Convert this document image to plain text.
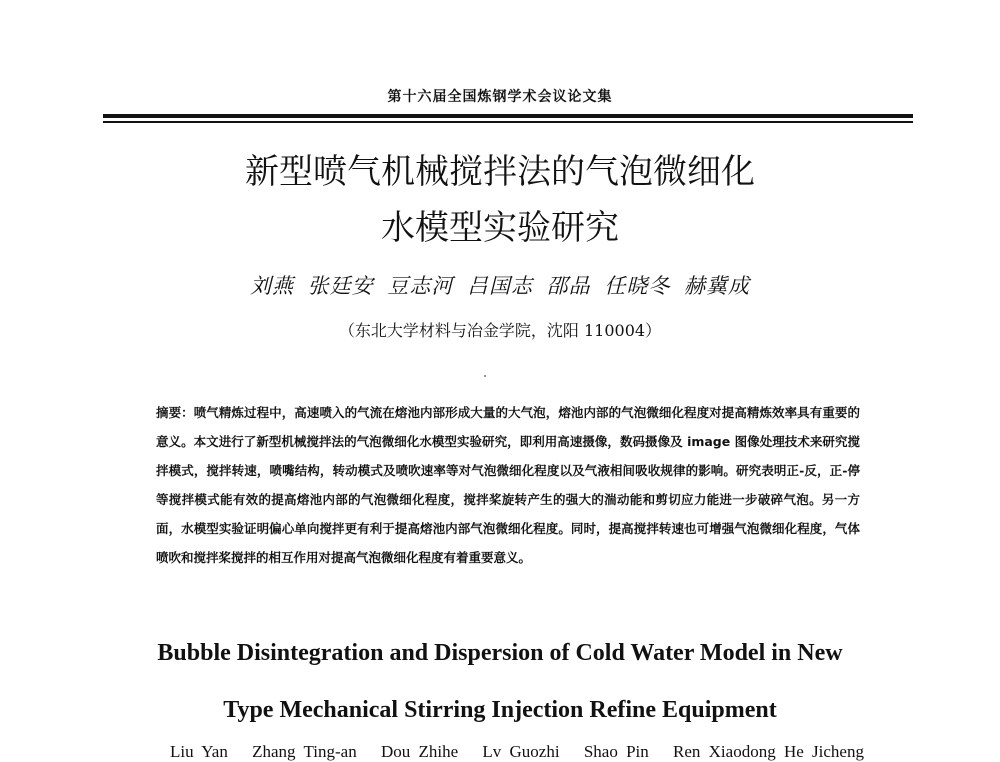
第十六届全国炼钢学术会议论文集
新型喷气机械搅拌法的气泡微细化
水模型实验研究
刘燕 张廷安 豆志河 吕国志 邵品 任晓冬 赫冀成
（东北大学材料与冶金学院，沈阳 110004）

摘要：喷气精炼过程中，高速喷入的气流在熔池内部形成大量的大气泡，熔池内部的气泡微细化程度对提高精炼效率具有重要的意义。本文进行了新型机械搅拌法的气泡微细化水模型实验研究，即利用高速摄像，数码摄像及 image 图像处理技术来研究搅拌模式，搅拌转速，喷嘴结构，转动模式及喷吹速率等对气泡微细化程度以及气液相间吸收规律的影响。研究表明正-反，正-停等搅拌模式能有效的提高熔池内部的气泡微细化程度，搅拌桨旋转产生的强大的湍动能和剪切应力能进一步破碎气泡。另一方面，水模型实验证明偏心单向搅拌更有利于提高熔池内部气泡微细化程度。同时，提高搅拌转速也可增强气泡微细化程度，气体喷吹和搅拌桨搅拌的相互作用对提高气泡微细化程度有着重要意义。

Bubble Disintegration and Dispersion of Cold Water Model in New
Type Mechanical Stirring Injection Refine Equipment
Liu Yan Zhang Ting-an Dou Zhihe Lv Guozhi Shao Pin Ren Xiaodong He Jicheng
